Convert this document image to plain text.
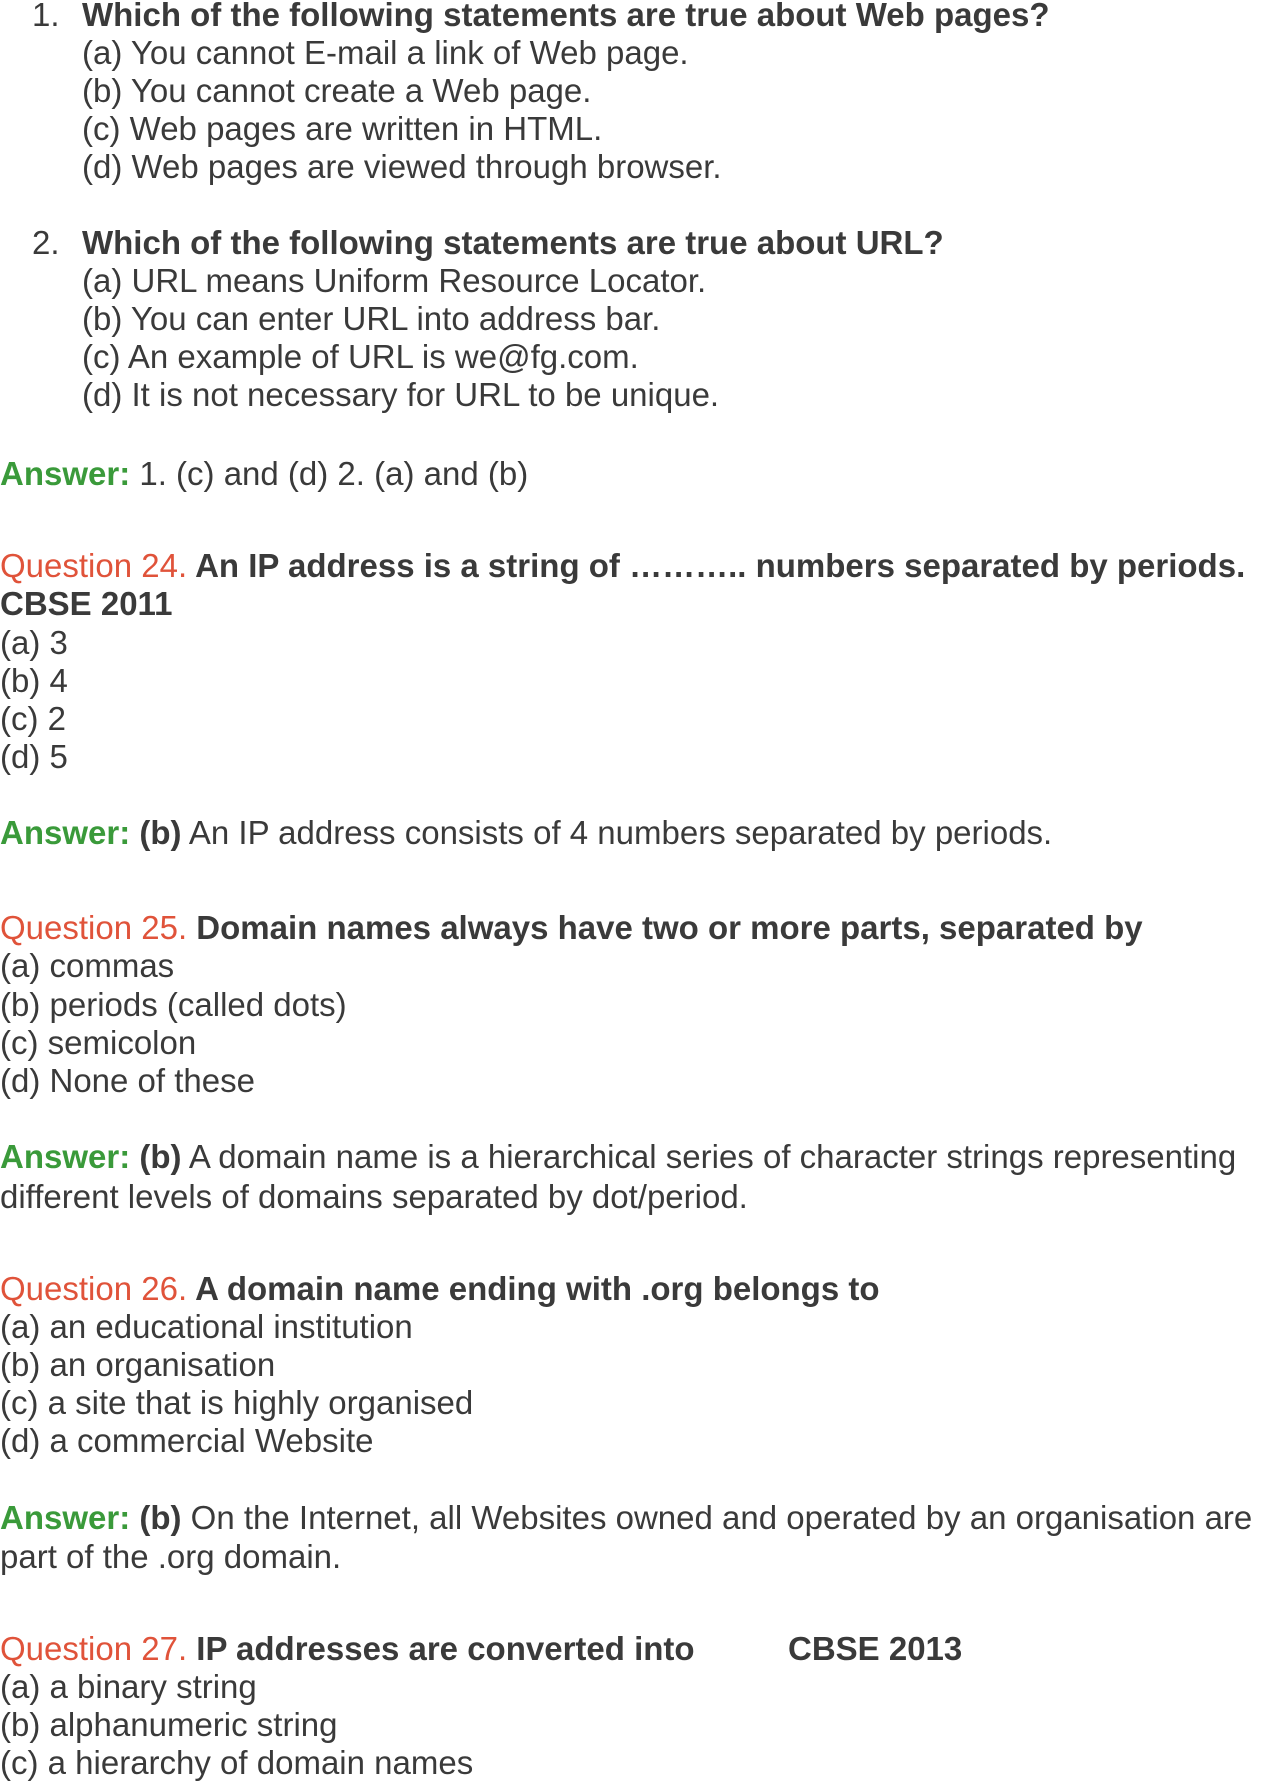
1. Which of the following statements are true about Web pages?
(a) You cannot E-mail a link of Web page.
(b) You cannot create a Web page.
(c) Web pages are written in HTML.
(d) Web pages are viewed through browser.
2. Which of the following statements are true about URL?
(a) URL means Uniform Resource Locator.
(b) You can enter URL into address bar.
(c) An example of URL is we@fg.com.
(d) It is not necessary for URL to be unique.
Answer: 1. (c) and (d) 2. (a) and (b)
Question 24. An IP address is a string of ……….. numbers separated by periods.
CBSE 2011
(a) 3
(b) 4
(c) 2
(d) 5
Answer: (b) An IP address consists of 4 numbers separated by periods.
Question 25. Domain names always have two or more parts, separated by
(a) commas
(b) periods (called dots)
(c) semicolon
(d) None of these
Answer: (b) A domain name is a hierarchical series of character strings representing
different levels of domains separated by dot/period.
Question 26. A domain name ending with .org belongs to
(a) an educational institution
(b) an organisation
(c) a site that is highly organised
(d) a commercial Website
Answer: (b) On the Internet, all Websites owned and operated by an organisation are
part of the .org domain.
Question 27. IP addresses are converted into	CBSE 2013
(a) a binary string
(b) alphanumeric string
(c) a hierarchy of domain names
